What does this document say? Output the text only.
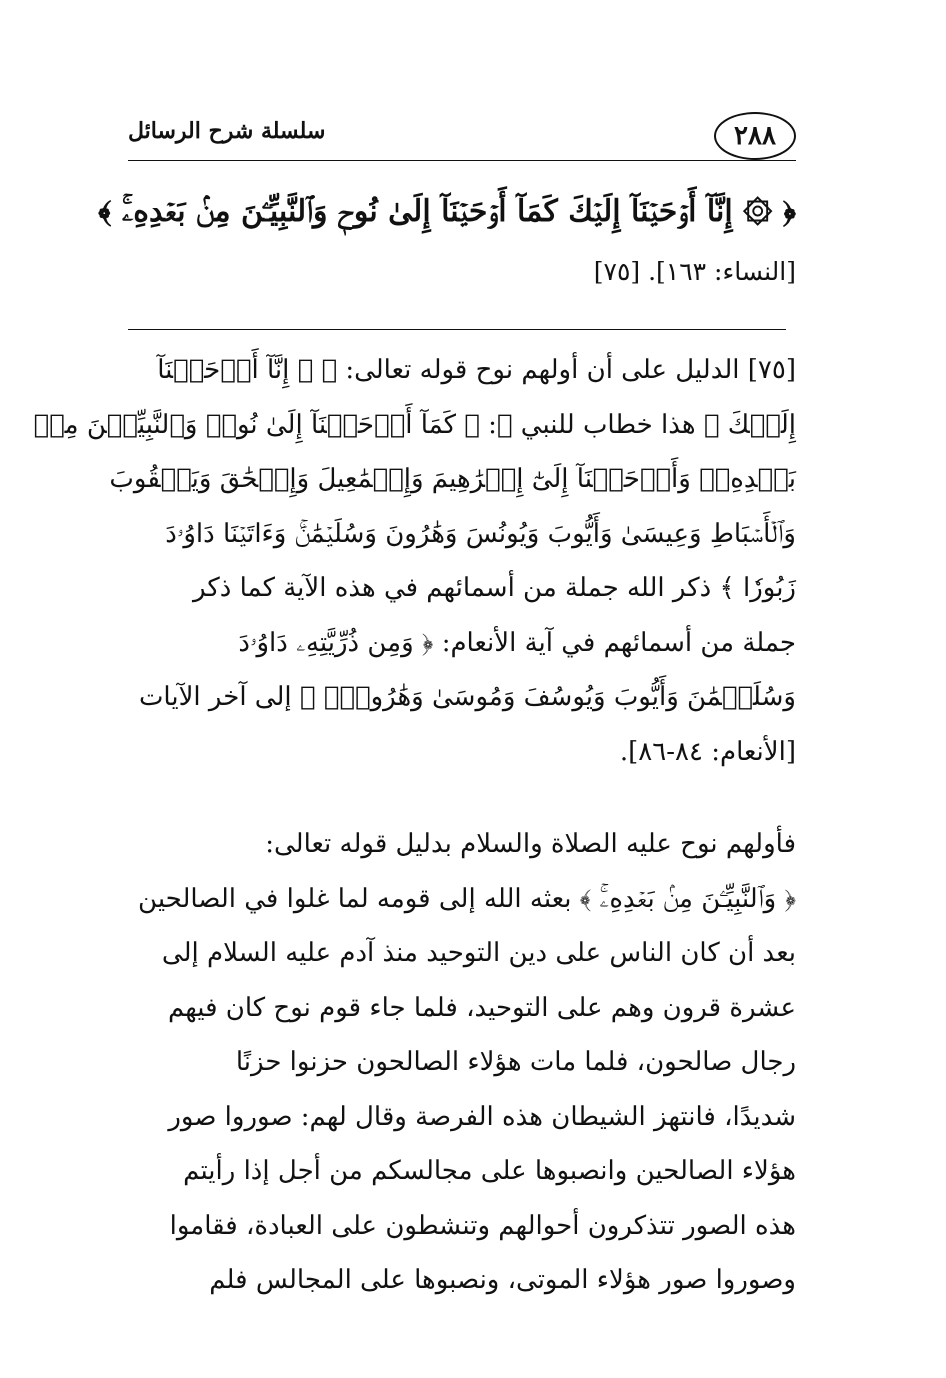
٢٨٨
سلسلة شرح الرسائل
﴿ ۞ إِنَّآ أَوۡحَيۡنَآ إِلَيۡكَ كَمَآ أَوۡحَيۡنَآ إِلَىٰ نُوحٖ وَٱلنَّبِيِّـۧنَ مِنۢ بَعۡدِهِۦۚ ﴾
[النساء: ١٦٣]. [٧٥]
[٧٥] الدليل على أن أولهم نوح قوله تعالى: ﴿ ۞ إِنَّآ أَوۡحَيۡنَآ
إِلَيۡكَ ﴾ هذا خطاب للنبي ﷺ: ﴿ كَمَآ أَوۡحَيۡنَآ إِلَىٰ نُوحٖ وَٱلنَّبِيِّـۧنَ مِنۢ
بَعۡدِهِۦۚ وَأَوۡحَيۡنَآ إِلَىٰٓ إِبۡرَٰهِيمَ وَإِسۡمَٰعِيلَ وَإِسۡحَٰقَ وَيَعۡقُوبَ
وَٱلۡأَسۡبَاطِ وَعِيسَىٰ وَأَيُّوبَ وَيُونُسَ وَهَٰرُونَ وَسُلَيۡمَٰنَۚ وَءَاتَيۡنَا دَاوُۥدَ
زَبُورٗا ﴾ ذكر الله جملة من أسمائهم في هذه الآية كما ذكر
جملة من أسمائهم في آية الأنعام: ﴿ وَمِن ذُرِّيَّتِهِۦ دَاوُۥدَ
وَسُلَيۡمَٰنَ وَأَيُّوبَ وَيُوسُفَ وَمُوسَىٰ وَهَٰرُونَۚ ﴾ إلى آخر الآيات
[الأنعام: ٨٤-٨٦].
فأولهم نوح عليه الصلاة والسلام بدليل قوله تعالى:
﴿ وَٱلنَّبِيِّـۧنَ مِنۢ بَعۡدِهِۦۚ ﴾ بعثه الله إلى قومه لما غلوا في الصالحين
بعد أن كان الناس على دين التوحيد منذ آدم عليه السلام إلى
عشرة قرون وهم على التوحيد، فلما جاء قوم نوح كان فيهم
رجال صالحون، فلما مات هؤلاء الصالحون حزنوا حزنًا
شديدًا، فانتهز الشيطان هذه الفرصة وقال لهم: صوروا صور
هؤلاء الصالحين وانصبوها على مجالسكم من أجل إذا رأيتم
هذه الصور تتذكرون أحوالهم وتنشطون على العبادة، فقاموا
وصوروا صور هؤلاء الموتى، ونصبوها على المجالس فلم
